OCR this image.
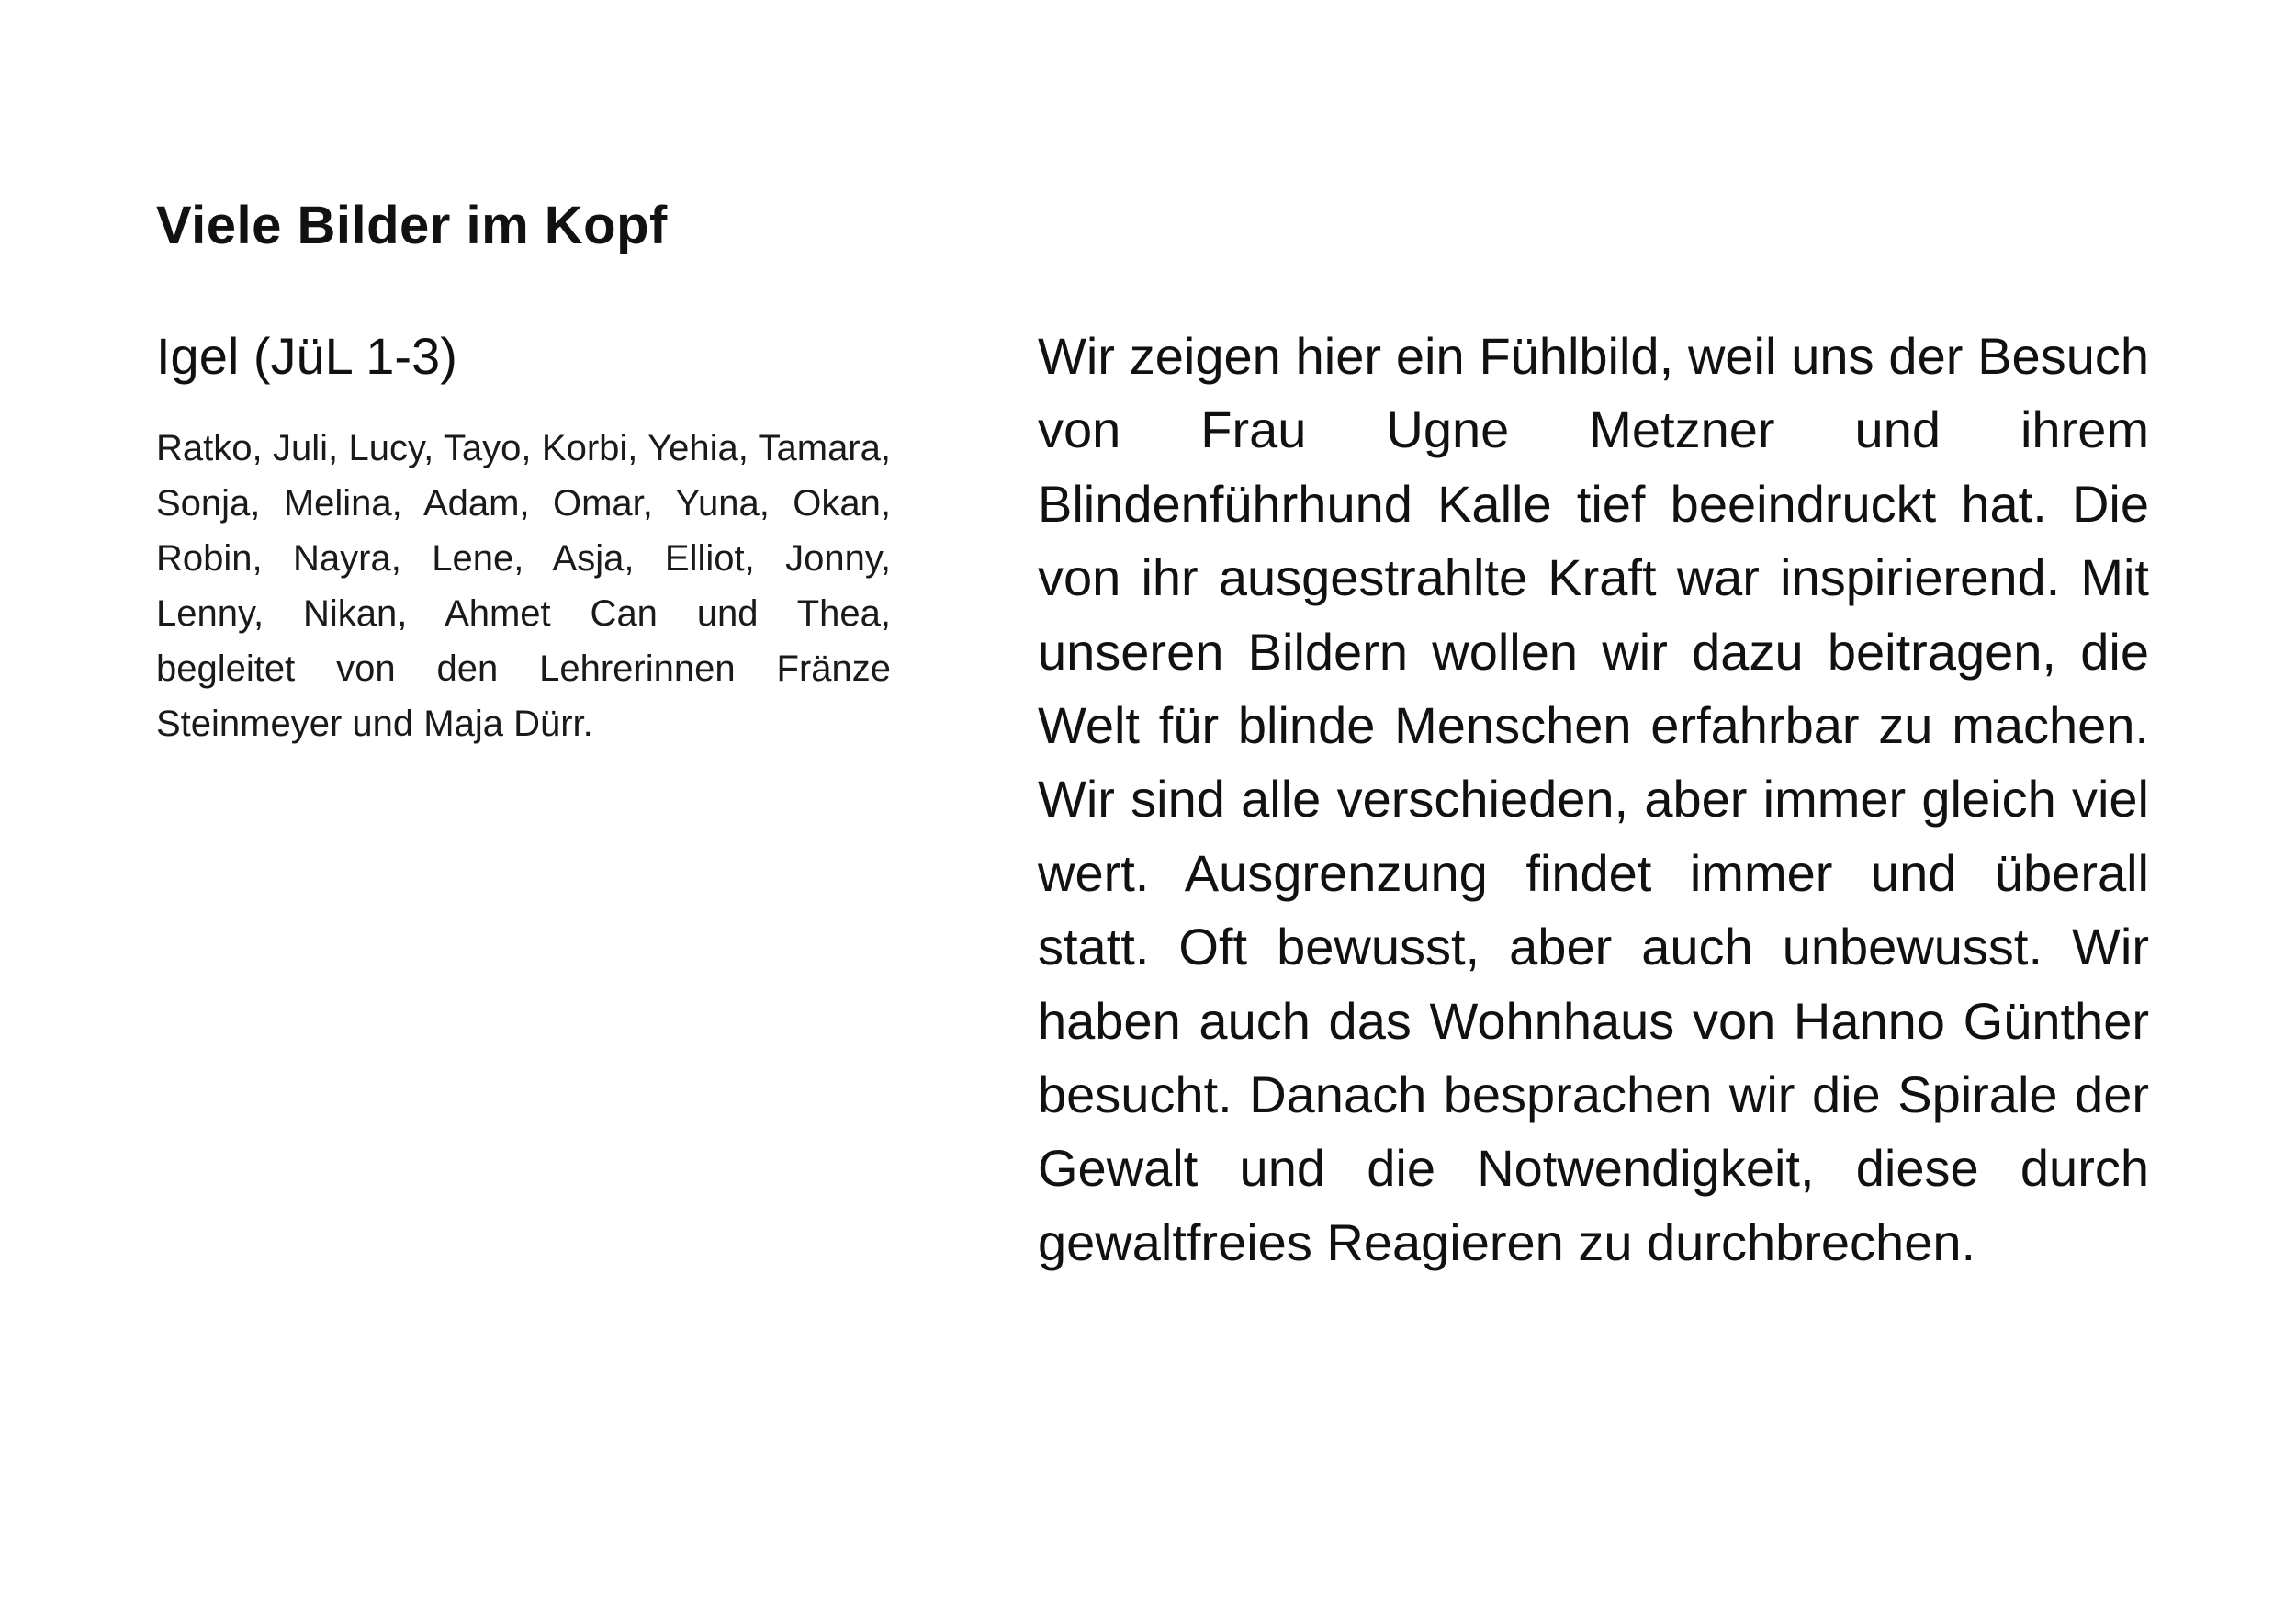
Viele Bilder im Kopf
Igel (JüL 1-3)

Ratko, Juli, Lucy, Tayo, Korbi, Yehia, Tamara, Sonja, Melina, Adam, Omar, Yuna, Okan, Robin, Nayra, Lene, Asja, Elliot, Jonny, Lenny, Nikan, Ahmet Can und Thea, begleitet von den Lehrerinnen Fränze Steinmeyer und Maja Dürr.

Wir zeigen hier ein Fühlbild, weil uns der Besuch von Frau Ugne Metzner und ihrem Blindenführhund Kalle tief beeindruckt hat. Die von ihr ausgestrahlte Kraft war inspirierend. Mit unseren Bildern wollen wir dazu beitragen, die Welt für blinde Menschen erfahrbar zu machen. Wir sind alle verschieden, aber immer gleich viel wert. Ausgrenzung findet immer und überall statt. Oft bewusst, aber auch unbewusst. Wir haben auch das Wohnhaus von Hanno Günther besucht. Danach besprachen wir die Spirale der Gewalt und die Notwendigkeit, diese durch gewaltfreies Reagieren zu durchbrechen.
